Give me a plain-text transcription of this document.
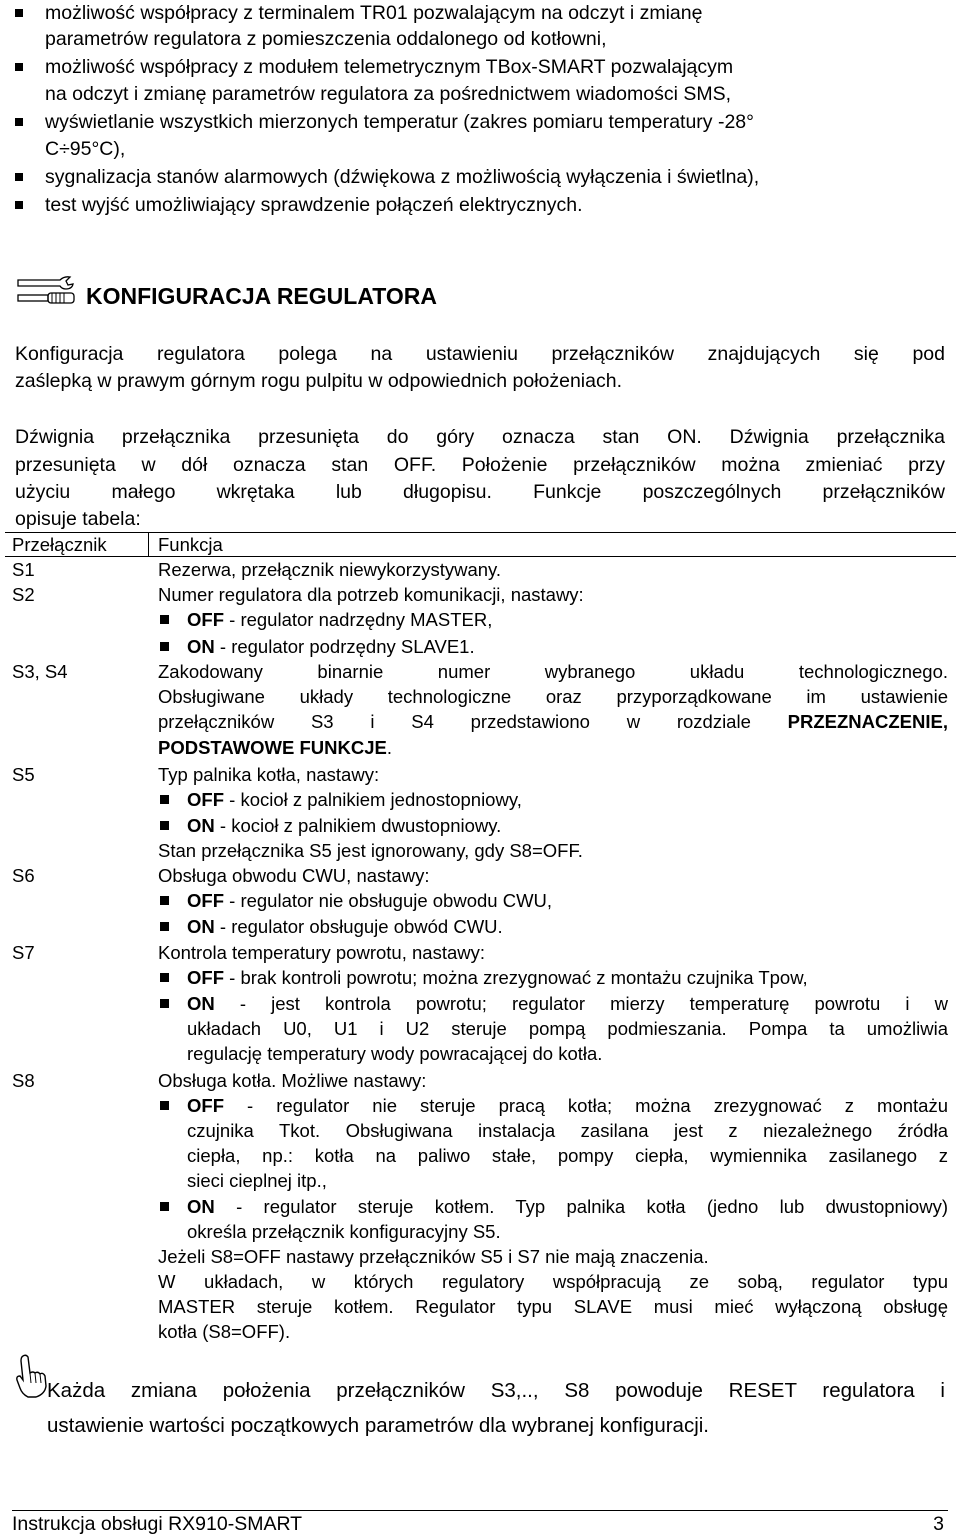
możliwość współpracy z terminalem TR01 pozwalającym na odczyt i zmianę
parametrów regulatora z pomieszczenia oddalonego od kotłowni,
możliwość współpracy z modułem telemetrycznym TBox-SMART pozwalającym
na odczyt i zmianę parametrów regulatora za pośrednictwem wiadomości SMS,
wyświetlanie wszystkich mierzonych temperatur (zakres pomiaru temperatury -28°
C÷95°C),
sygnalizacja stanów alarmowych (dźwiękowa z możliwością wyłączenia i świetlna),
test wyjść umożliwiający sprawdzenie połączeń elektrycznych.
KONFIGURACJA REGULATORA
Konfiguracja regulatora polega na ustawieniu przełączników znajdujących się pod
zaślepką w prawym górnym rogu pulpitu w odpowiednich położeniach.
Dźwignia przełącznika przesunięta do góry oznacza stan ON. Dźwignia przełącznika
przesunięta w dół oznacza stan OFF. Położenie przełączników można zmieniać przy
użyciu małego wkrętaka lub długopisu. Funkcje poszczególnych przełączników
opisuje tabela:
Przełącznik	Funkcja
S1	Rezerwa, przełącznik niewykorzystywany.
S2	Numer regulatora dla potrzeb komunikacji, nastawy:
OFF - regulator nadrzędny MASTER,
ON - regulator podrzędny SLAVE1.
S3, S4	Zakodowany binarnie numer wybranego układu technologicznego.
Obsługiwane układy technologiczne oraz przyporządkowane im ustawienie
przełączników S3 i S4 przedstawiono w rozdziale PRZEZNACZENIE,
PODSTAWOWE FUNKCJE.
S5	Typ palnika kotła, nastawy:
OFF - kocioł z palnikiem jednostopniowy,
ON - kocioł z palnikiem dwustopniowy.
Stan przełącznika S5 jest ignorowany, gdy S8=OFF.
S6	Obsługa obwodu CWU, nastawy:
OFF - regulator nie obsługuje obwodu CWU,
ON - regulator obsługuje obwód CWU.
S7	Kontrola temperatury powrotu, nastawy:
OFF - brak kontroli powrotu; można zrezygnować z montażu czujnika Tpow,
ON - jest kontrola powrotu; regulator mierzy temperaturę powrotu i w
układach U0, U1 i U2 steruje pompą podmieszania. Pompa ta umożliwia
regulację temperatury wody powracającej do kotła.
S8	Obsługa kotła. Możliwe nastawy:
OFF - regulator nie steruje pracą kotła; można zrezygnować z montażu
czujnika Tkot. Obsługiwana instalacja zasilana jest z niezależnego źródła
ciepła, np.: kotła na paliwo stałe, pompy ciepła, wymiennika zasilanego z
sieci cieplnej itp.,
ON - regulator steruje kotłem. Typ palnika kotła (jedno lub dwustopniowy)
określa przełącznik konfiguracyjny S5.
Jeżeli S8=OFF nastawy przełączników S5 i S7 nie mają znaczenia.
W układach, w których regulatory współpracują ze sobą, regulator typu
MASTER steruje kotłem. Regulator typu SLAVE musi mieć wyłączoną obsługę
kotła (S8=OFF).
Każda zmiana położenia przełączników S3,.., S8 powoduje RESET regulatora i
ustawienie wartości początkowych parametrów dla wybranej konfiguracji.
Instrukcja obsługi RX910-SMART	3
